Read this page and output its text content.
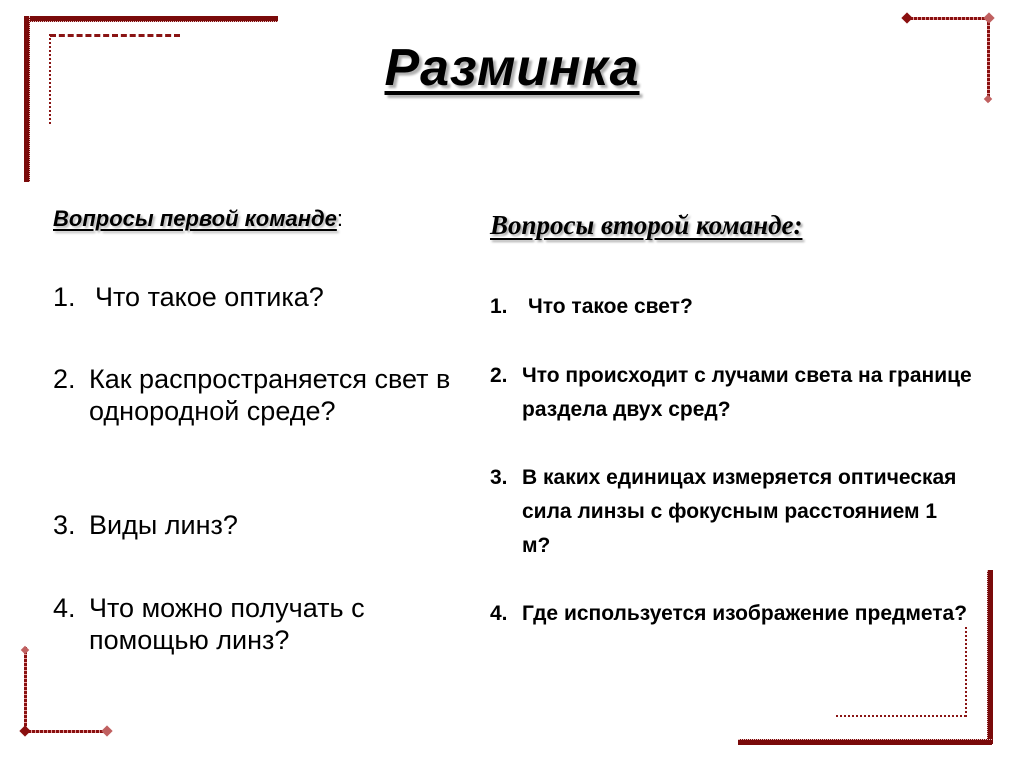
Разминка

Вопросы первой команде:

1. Что такое оптика?
2. Как распространяется свет в однородной среде?
3. Виды линз?
4. Что можно получать с помощью линз?

Вопросы второй команде:

1. Что такое свет?
2. Что происходит с лучами света на границе раздела двух сред?
3. В каких единицах измеряется оптическая сила линзы с фокусным расстоянием 1 м?
4. Где используется изображение предмета?
